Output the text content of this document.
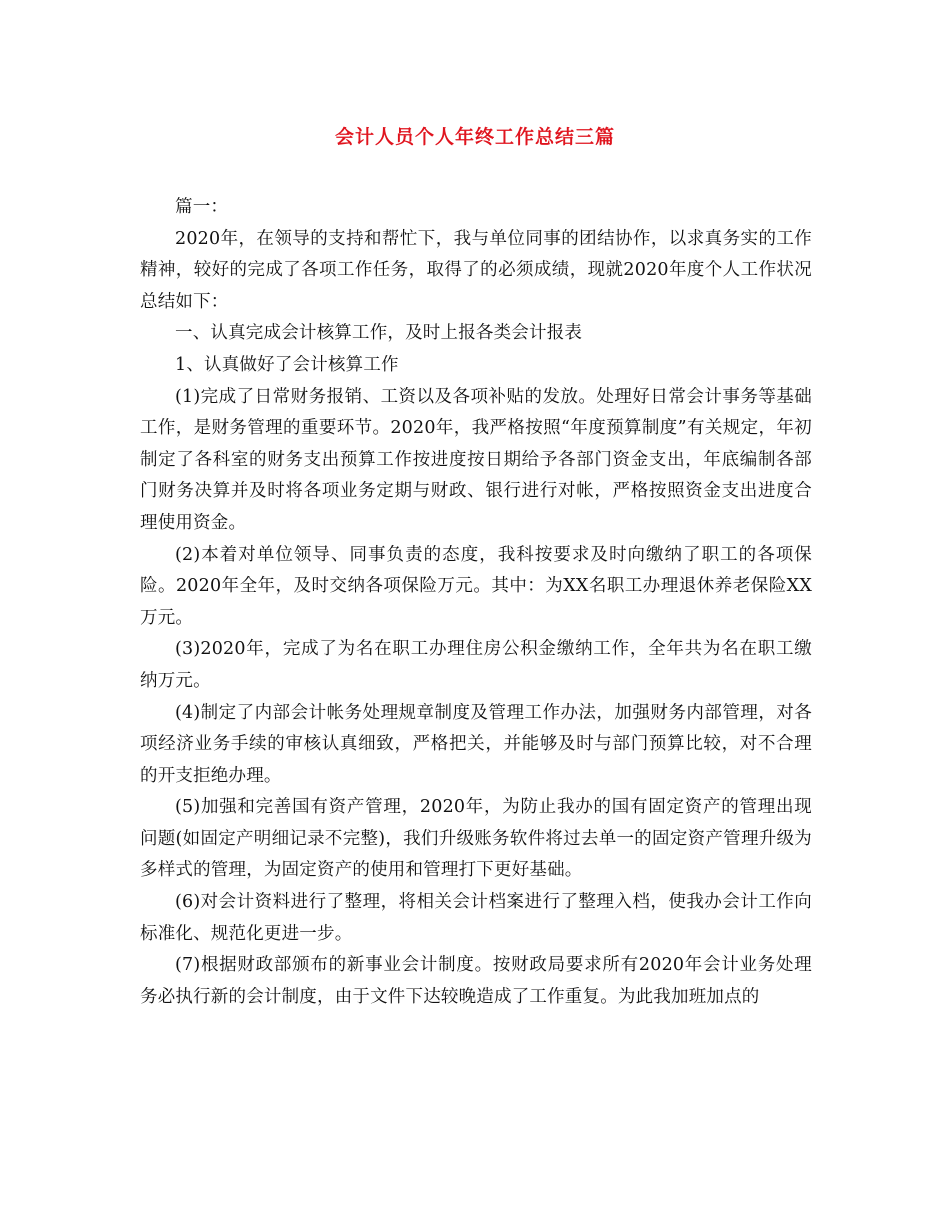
会计人员个人年终工作总结三篇

篇一：

2020年，在领导的支持和帮忙下，我与单位同事的团结协作，以求真务实的工作精神，较好的完成了各项工作任务，取得了的必须成绩，现就2020年度个人工作状况总结如下：

一、认真完成会计核算工作，及时上报各类会计报表

1、认真做好了会计核算工作

(1)完成了日常财务报销、工资以及各项补贴的发放。处理好日常会计事务等基础工作，是财务管理的重要环节。2020年，我严格按照“年度预算制度”有关规定，年初制定了各科室的财务支出预算工作按进度按日期给予各部门资金支出，年底编制各部门财务决算并及时将各项业务定期与财政、银行进行对帐，严格按照资金支出进度合理使用资金。

(2)本着对单位领导、同事负责的态度，我科按要求及时向缴纳了职工的各项保险。2020年全年，及时交纳各项保险万元。其中：为XX名职工办理退休养老保险XX万元。

(3)2020年，完成了为名在职工办理住房公积金缴纳工作，全年共为名在职工缴纳万元。

(4)制定了内部会计帐务处理规章制度及管理工作办法，加强财务内部管理，对各项经济业务手续的审核认真细致，严格把关，并能够及时与部门预算比较，对不合理的开支拒绝办理。

(5)加强和完善国有资产管理，2020年，为防止我办的国有固定资产的管理出现问题(如固定产明细记录不完整)，我们升级账务软件将过去单一的固定资产管理升级为多样式的管理，为固定资产的使用和管理打下更好基础。

(6)对会计资料进行了整理，将相关会计档案进行了整理入档，使我办会计工作向标准化、规范化更进一步。

(7)根据财政部颁布的新事业会计制度。按财政局要求所有2020年会计业务处理务必执行新的会计制度，由于文件下达较晚造成了工作重复。为此我加班加点的
